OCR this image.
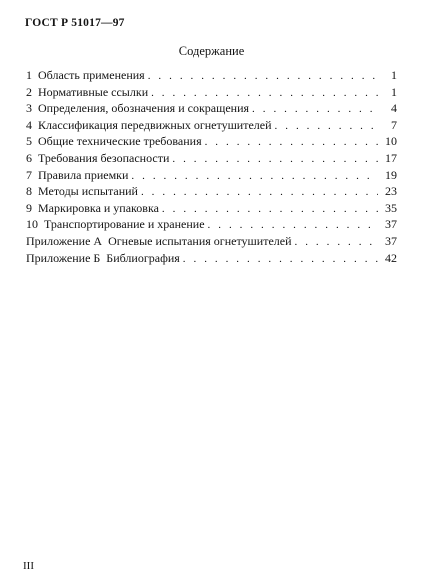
ГОСТ Р 51017—97
Содержание
1 Область применения . . .	1
2 Нормативные ссылки . . .	1
3 Определения, обозначения и сокращения . . .	4
4 Классификация передвижных огнетушителей . . .	7
5 Общие технические требования . . .	10
6 Требования безопасности . . .	17
7 Правила приемки . . .	19
8 Методы испытаний . . .	23
9 Маркировка и упаковка . . .	35
10 Транспортирование и хранение . . .	37
Приложение А Огневые испытания огнетушителей . . .	37
Приложение Б Библиография . . .	42
III
